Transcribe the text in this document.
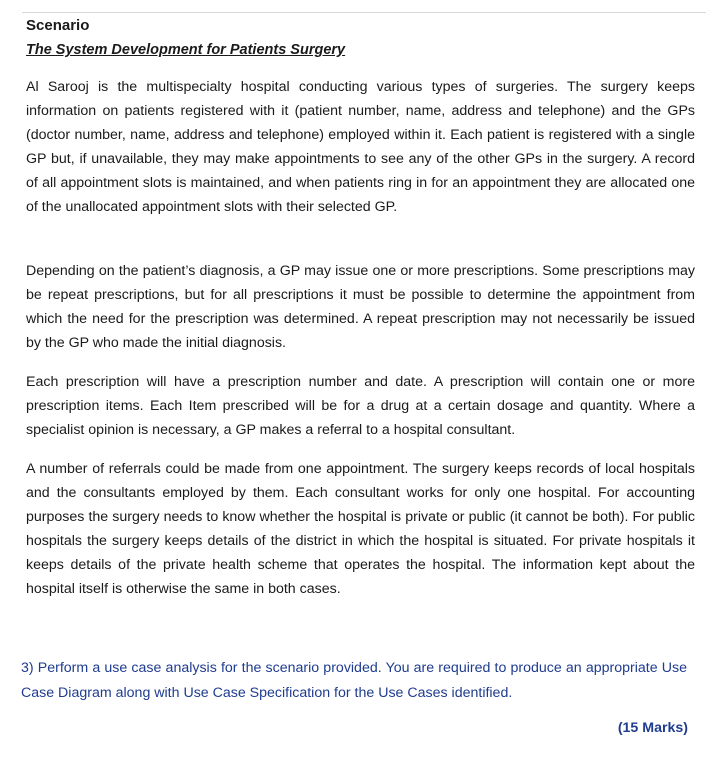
Scenario
The System Development for Patients Surgery

Al Sarooj is the multispecialty hospital conducting various types of surgeries. The surgery keeps information on patients registered with it (patient number, name, address and telephone) and the GPs (doctor number, name, address and telephone) employed within it. Each patient is registered with a single GP but, if unavailable, they may make appointments to see any of the other GPs in the surgery. A record of all appointment slots is maintained, and when patients ring in for an appointment they are allocated one of the unallocated appointment slots with their selected GP.

Depending on the patient’s diagnosis, a GP may issue one or more prescriptions. Some prescriptions may be repeat prescriptions, but for all prescriptions it must be possible to determine the appointment from which the need for the prescription was determined. A repeat prescription may not necessarily be issued by the GP who made the initial diagnosis.

Each prescription will have a prescription number and date. A prescription will contain one or more prescription items. Each Item prescribed will be for a drug at a certain dosage and quantity. Where a specialist opinion is necessary, a GP makes a referral to a hospital consultant.

A number of referrals could be made from one appointment. The surgery keeps records of local hospitals and the consultants employed by them. Each consultant works for only one hospital. For accounting purposes the surgery needs to know whether the hospital is private or public (it cannot be both). For public hospitals the surgery keeps details of the district in which the hospital is situated. For private hospitals it keeps details of the private health scheme that operates the hospital. The information kept about the hospital itself is otherwise the same in both cases.

3) Perform a use case analysis for the scenario provided. You are required to produce an appropriate Use Case Diagram along with Use Case Specification for the Use Cases identified.

(15 Marks)
